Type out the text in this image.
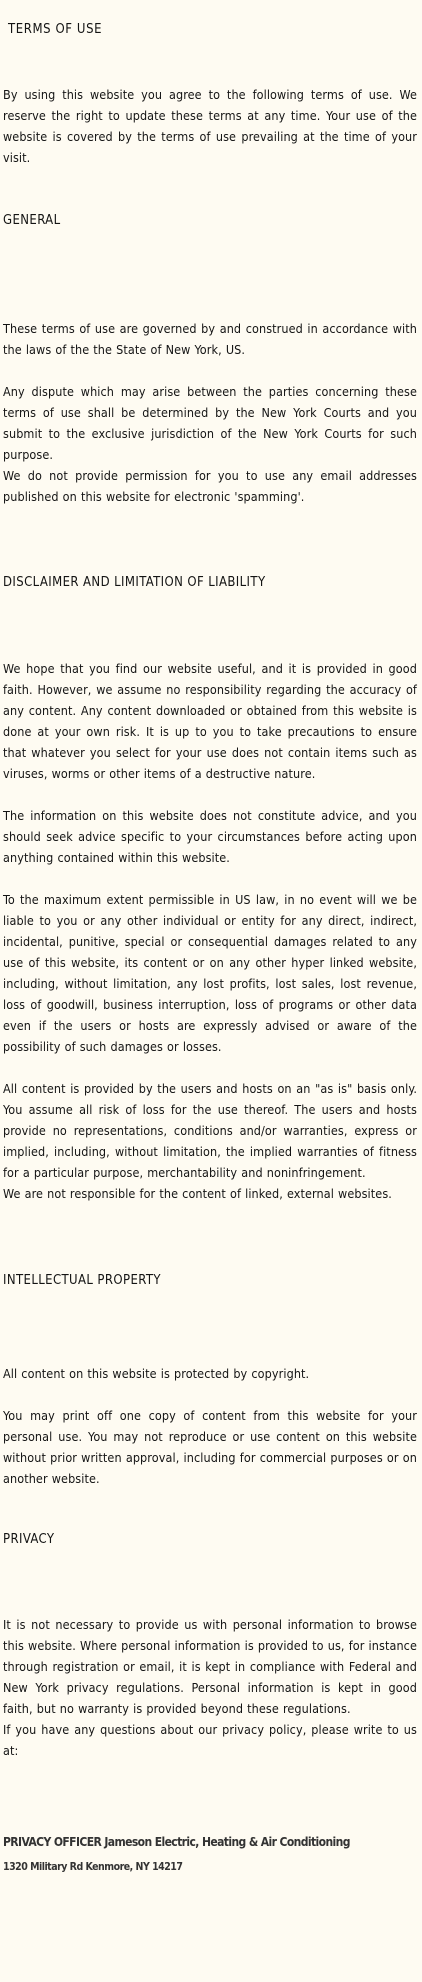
TERMS OF USE

By using this website you agree to the following terms of use. We reserve the right to update these terms at any time. Your use of the website is covered by the terms of use prevailing at the time of your visit.

GENERAL

These terms of use are governed by and construed in accordance with the laws of the the State of New York, US.

Any dispute which may arise between the parties concerning these terms of use shall be determined by the New York Courts and you submit to the exclusive jurisdiction of the New York Courts for such purpose.

We do not provide permission for you to use any email addresses published on this website for electronic 'spamming'.

DISCLAIMER AND LIMITATION OF LIABILITY

We hope that you find our website useful, and it is provided in good faith. However, we assume no responsibility regarding the accuracy of any content. Any content downloaded or obtained from this website is done at your own risk. It is up to you to take precautions to ensure that whatever you select for your use does not contain items such as viruses, worms or other items of a destructive nature.

The information on this website does not constitute advice, and you should seek advice specific to your circumstances before acting upon anything contained within this website.

To the maximum extent permissible in US law, in no event will we be liable to you or any other individual or entity for any direct, indirect, incidental, punitive, special or consequential damages related to any use of this website, its content or on any other hyper linked website, including, without limitation, any lost profits, lost sales, lost revenue, loss of goodwill, business interruption, loss of programs or other data even if the users or hosts are expressly advised or aware of the possibility of such damages or losses.

All content is provided by the users and hosts on an "as is" basis only. You assume all risk of loss for the use thereof. The users and hosts provide no representations, conditions and/or warranties, express or implied, including, without limitation, the implied warranties of fitness for a particular purpose, merchantability and noninfringement.

We are not responsible for the content of linked, external websites.

INTELLECTUAL PROPERTY

All content on this website is protected by copyright.

You may print off one copy of content from this website for your personal use. You may not reproduce or use content on this website without prior written approval, including for commercial purposes or on another website.

PRIVACY

It is not necessary to provide us with personal information to browse this website. Where personal information is provided to us, for instance through registration or email, it is kept in compliance with Federal and New York privacy regulations. Personal information is kept in good faith, but no warranty is provided beyond these regulations.

If you have any questions about our privacy policy, please write to us at:

PRIVACY OFFICER Jameson Electric, Heating & Air Conditioning
1320 Military Rd Kenmore, NY 14217
